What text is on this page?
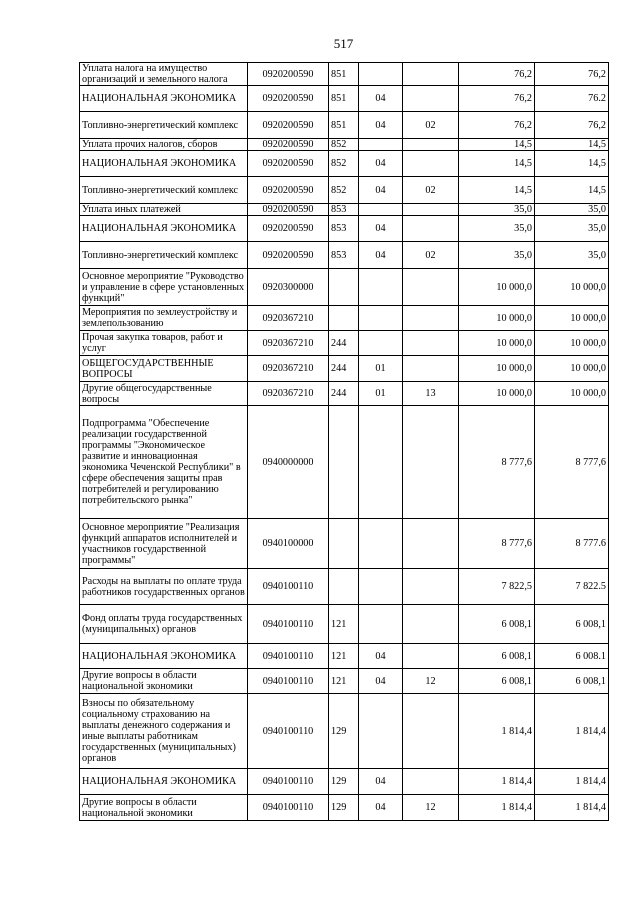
517
Уплата налога на имущество организаций и земельного налога	0920200590	851			76,2	76,2
НАЦИОНАЛЬНАЯ ЭКОНОМИКА	0920200590	851	04		76,2	76.2
Топливно-энергетический комплекс	0920200590	851	04	02	76,2	76,2
Уплата прочих налогов, сборов	0920200590	852			14,5	14,5
НАЦИОНАЛЬНАЯ ЭКОНОМИКА	0920200590	852	04		14,5	14,5
Топливно-энергетический комплекс	0920200590	852	04	02	14,5	14,5
Уплата иных платежей	0920200590	853			35,0	35,0
НАЦИОНАЛЬНАЯ ЭКОНОМИКА	0920200590	853	04		35,0	35,0
Топливно-энергетический комплекс	0920200590	853	04	02	35,0	35,0
Основное мероприятие "Руководство и управление в сфере установленных функций"	0920300000				10 000,0	10 000,0
Мероприятия по землеустройству и землепользованию	0920367210				10 000,0	10 000,0
Прочая закупка товаров, работ и услуг	0920367210	244			10 000,0	10 000,0
ОБЩЕГОСУДАРСТВЕННЫЕ ВОПРОСЫ	0920367210	244	01		10 000,0	10 000,0
Другие общегосударственные вопросы	0920367210	244	01	13	10 000,0	10 000,0
Подпрограмма "Обеспечение реализации государственной программы "Экономическое развитие и инновационная экономика Чеченской Республики" в сфере обеспечения защиты прав потребителей и регулированию потребительского рынка"	0940000000				8 777,6	8 777,6
Основное мероприятие "Реализация функций аппаратов исполнителей и участников государственной программы"	0940100000				8 777,6	8 777.6
Расходы на выплаты по оплате труда работников государственных органов	0940100110				7 822,5	7 822.5
Фонд оплаты труда государственных (муниципальных) органов	0940100110	121			6 008,1	6 008,1
НАЦИОНАЛЬНАЯ ЭКОНОМИКА	0940100110	121	04		6 008,1	6 008.1
Другие вопросы в области национальной экономики	0940100110	121	04	12	6 008,1	6 008,1
Взносы по обязательному социальному страхованию на выплаты денежного содержания и иные выплаты работникам государственных (муниципальных) органов	0940100110	129			1 814,4	1 814,4
НАЦИОНАЛЬНАЯ ЭКОНОМИКА	0940100110	129	04		1 814,4	1 814,4
Другие вопросы в области национальной экономики	0940100110	129	04	12	1 814,4	1 814,4
